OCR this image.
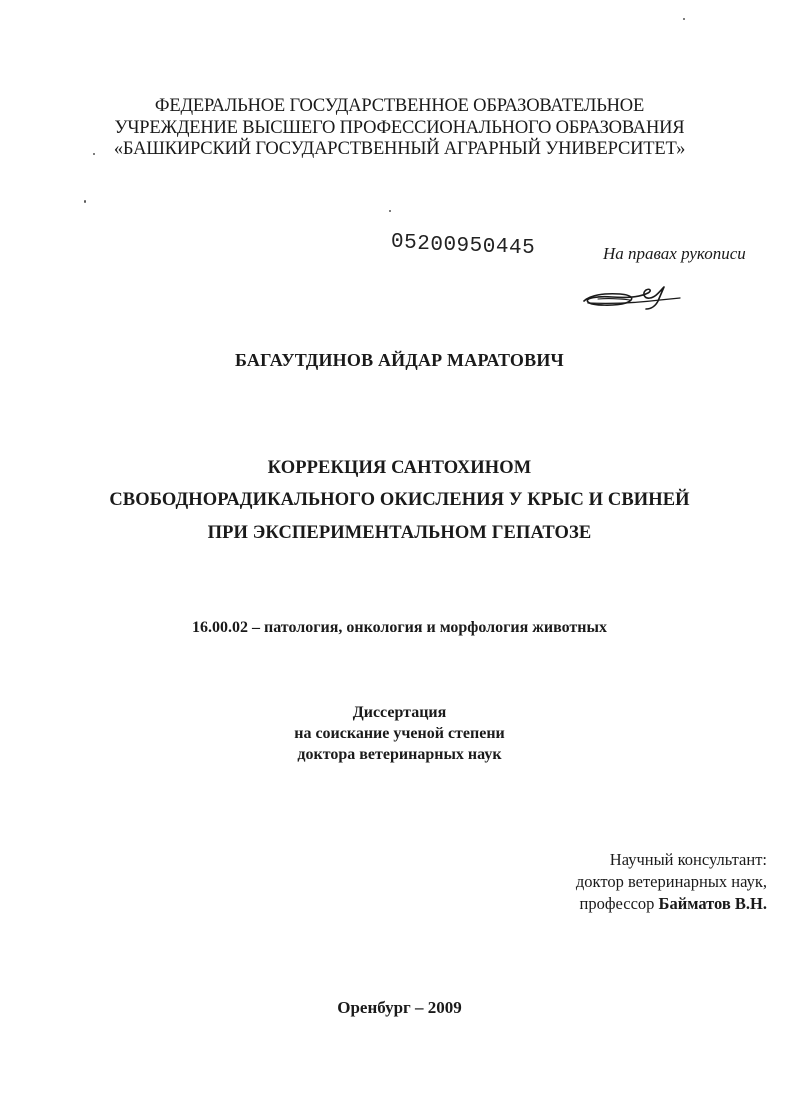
ФЕДЕРАЛЬНОЕ ГОСУДАРСТВЕННОЕ ОБРАЗОВАТЕЛЬНОЕ
УЧРЕЖДЕНИЕ ВЫСШЕГО ПРОФЕССИОНАЛЬНОГО ОБРАЗОВАНИЯ
«БАШКИРСКИЙ ГОСУДАРСТВЕННЫЙ АГРАРНЫЙ УНИВЕРСИТЕТ»
05200950445	На правах рукописи
БАГАУТДИНОВ АЙДАР МАРАТОВИЧ
КОРРЕКЦИЯ САНТОХИНОМ
СВОБОДНОРАДИКАЛЬНОГО ОКИСЛЕНИЯ У КРЫС И СВИНЕЙ
ПРИ ЭКСПЕРИМЕНТАЛЬНОМ ГЕПАТОЗЕ
16.00.02 – патология, онкология и морфология животных
Диссертация
на соискание ученой степени
доктора ветеринарных наук
Научный консультант:
доктор ветеринарных наук,
профессор Байматов В.Н.
Оренбург – 2009
